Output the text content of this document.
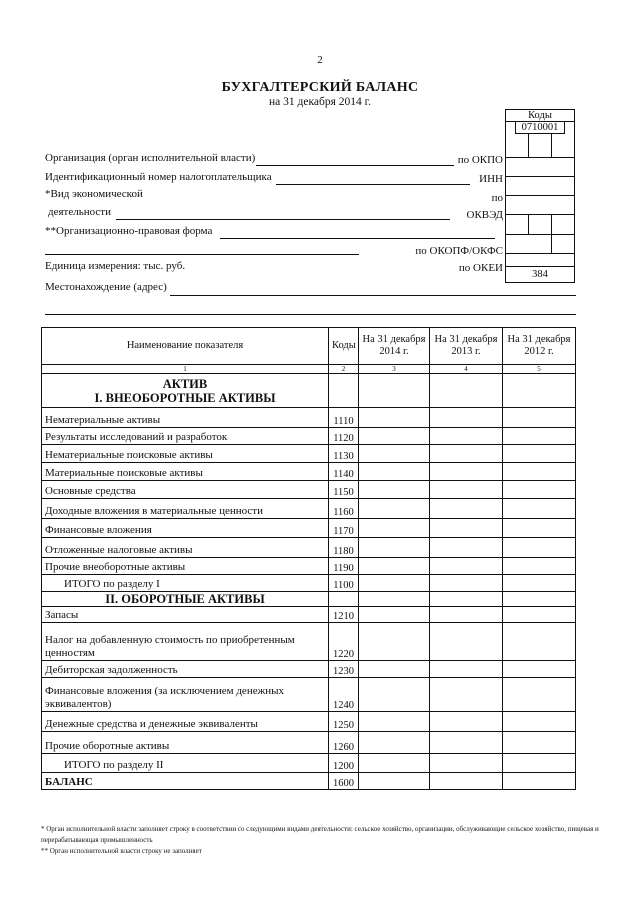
2
БУХГАЛТЕРСКИЙ БАЛАНС
на 31 декабря 2014 г.
Коды
0710001
384
Организация (орган исполнительной власти)	по ОКПО
Идентификационный номер налогоплательщика	ИНН
*Вид экономической	по
деятельности	ОКВЭД
**Организационно-правовая форма
по ОКОПФ/ОКФС
Единица измерения: тыс. руб.	по ОКЕИ
Местонахождение (адрес)
Наименование показателя	Коды	На 31 декабря 2014 г.	На 31 декабря 2013 г.	На 31 декабря 2012 г.
1	2	3	4	5

АКТИВ
I. ВНЕОБОРОТНЫЕ АКТИВЫ				

Нематериальные активы	1110			
Результаты исследований и разработок	1120			
Нематериальные поисковые активы	1130			
Материальные поисковые активы	1140			
Основные средства	1150			
Доходные вложения в материальные ценности	1160			
Финансовые вложения	1170			
Отложенные налоговые активы	1180			
Прочие внеоборотные активы	1190			
ИТОГО по разделу I	1100			

II. ОБОРОТНЫЕ АКТИВЫ				

Запасы	1210			
Налог на добавленную стоимость по приобретенным ценностям	1220			
Дебиторская задолженность	1230			
Финансовые вложения (за исключением денежных эквивалентов)	1240			
Денежные средства и денежные эквиваленты	1250			
Прочие оборотные активы	1260			
ИТОГО по разделу II	1200			
БАЛАНС	1600			
* Орган исполнительной власти заполняет строку в соответствии со следующими видами деятельности: сельское хозяйство, организации, обслуживающие сельское хозяйство, пищевая и перерабатывающая промышленность
** Орган исполнительной власти строку не заполняет
